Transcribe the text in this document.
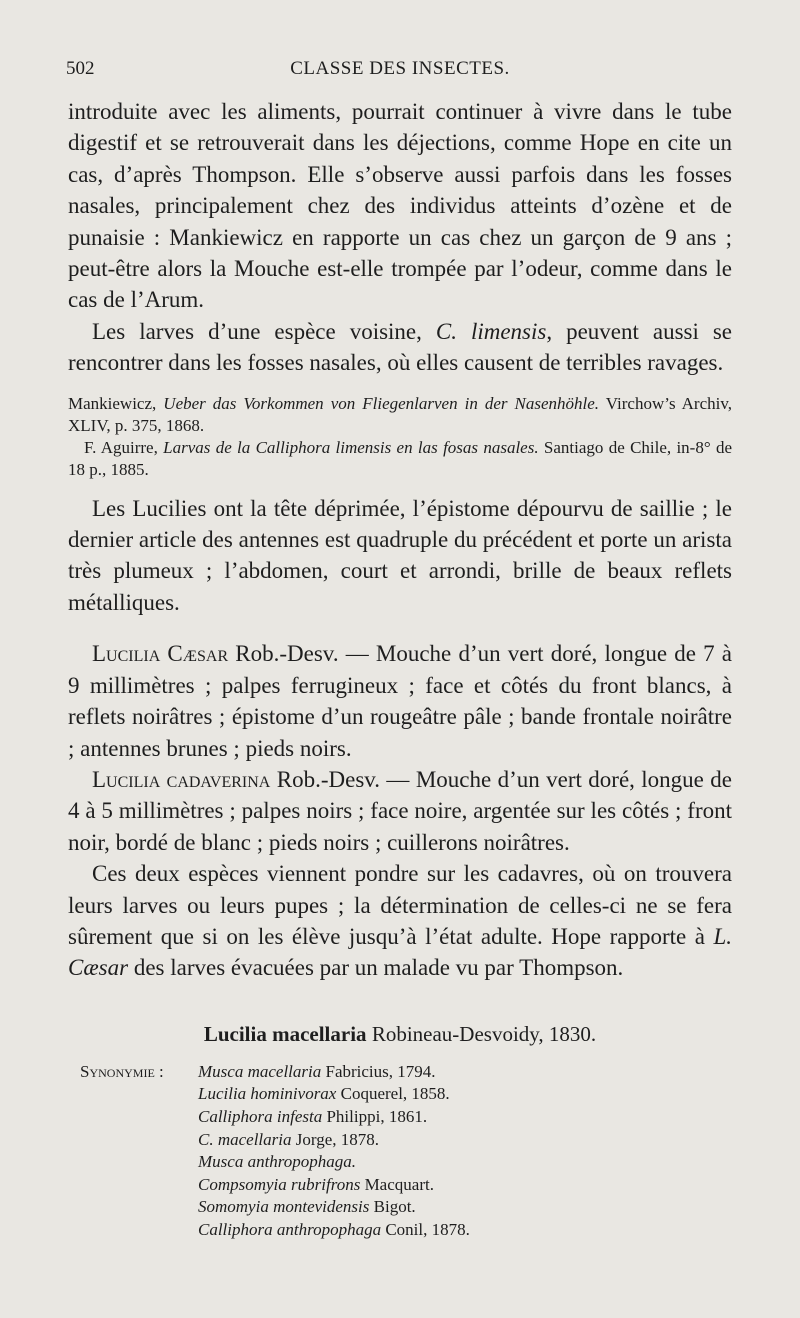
502	CLASSE DES INSECTES.

introduite avec les aliments, pourrait continuer à vivre dans le tube digestif et se retrouverait dans les déjections, comme Hope en cite un cas, d’après Thompson. Elle s’observe aussi parfois dans les fosses nasales, principalement chez des individus atteints d’ozène et de punaisie : Mankiewicz en rapporte un cas chez un garçon de 9 ans ; peut-être alors la Mouche est-elle trompée par l’odeur, comme dans le cas de l’Arum.

Les larves d’une espèce voisine, C. limensis, peuvent aussi se rencontrer dans les fosses nasales, où elles causent de terribles ravages.

Mankiewicz, Ueber das Vorkommen von Fliegenlarven in der Nasenhöhle. Virchow’s Archiv, XLIV, p. 375, 1868.

F. Aguirre, Larvas de la Calliphora limensis en las fosas nasales. Santiago de Chile, in-8° de 18 p., 1885.

Les Lucilies ont la tête déprimée, l’épistome dépourvu de saillie ; le dernier article des antennes est quadruple du précédent et porte un arista très plumeux ; l’abdomen, court et arrondi, brille de beaux reflets métalliques.

Lucilia Cæsar Rob.-Desv. — Mouche d’un vert doré, longue de 7 à 9 millimètres ; palpes ferrugineux ; face et côtés du front blancs, à reflets noirâtres ; épistome d’un rougeâtre pâle ; bande frontale noirâtre ; antennes brunes ; pieds noirs.

Lucilia cadaverina Rob.-Desv. — Mouche d’un vert doré, longue de 4 à 5 millimètres ; palpes noirs ; face noire, argentée sur les côtés ; front noir, bordé de blanc ; pieds noirs ; cuillerons noirâtres.

Ces deux espèces viennent pondre sur les cadavres, où on trouvera leurs larves ou leurs pupes ; la détermination de celles-ci ne se fera sûrement que si on les élève jusqu’à l’état adulte. Hope rapporte à L. Cæsar des larves évacuées par un malade vu par Thompson.

Lucilia macellaria Robineau-Desvoidy, 1830.
Synonymie : Musca macellaria Fabricius, 1794.
Lucilia hominivorax Coquerel, 1858.
Calliphora infesta Philippi, 1861.
C. macellaria Jorge, 1878.
Musca anthropophaga.
Compsomyia rubrifrons Macquart.
Somomyia montevidensis Bigot.
Calliphora anthropophaga Conil, 1878.
